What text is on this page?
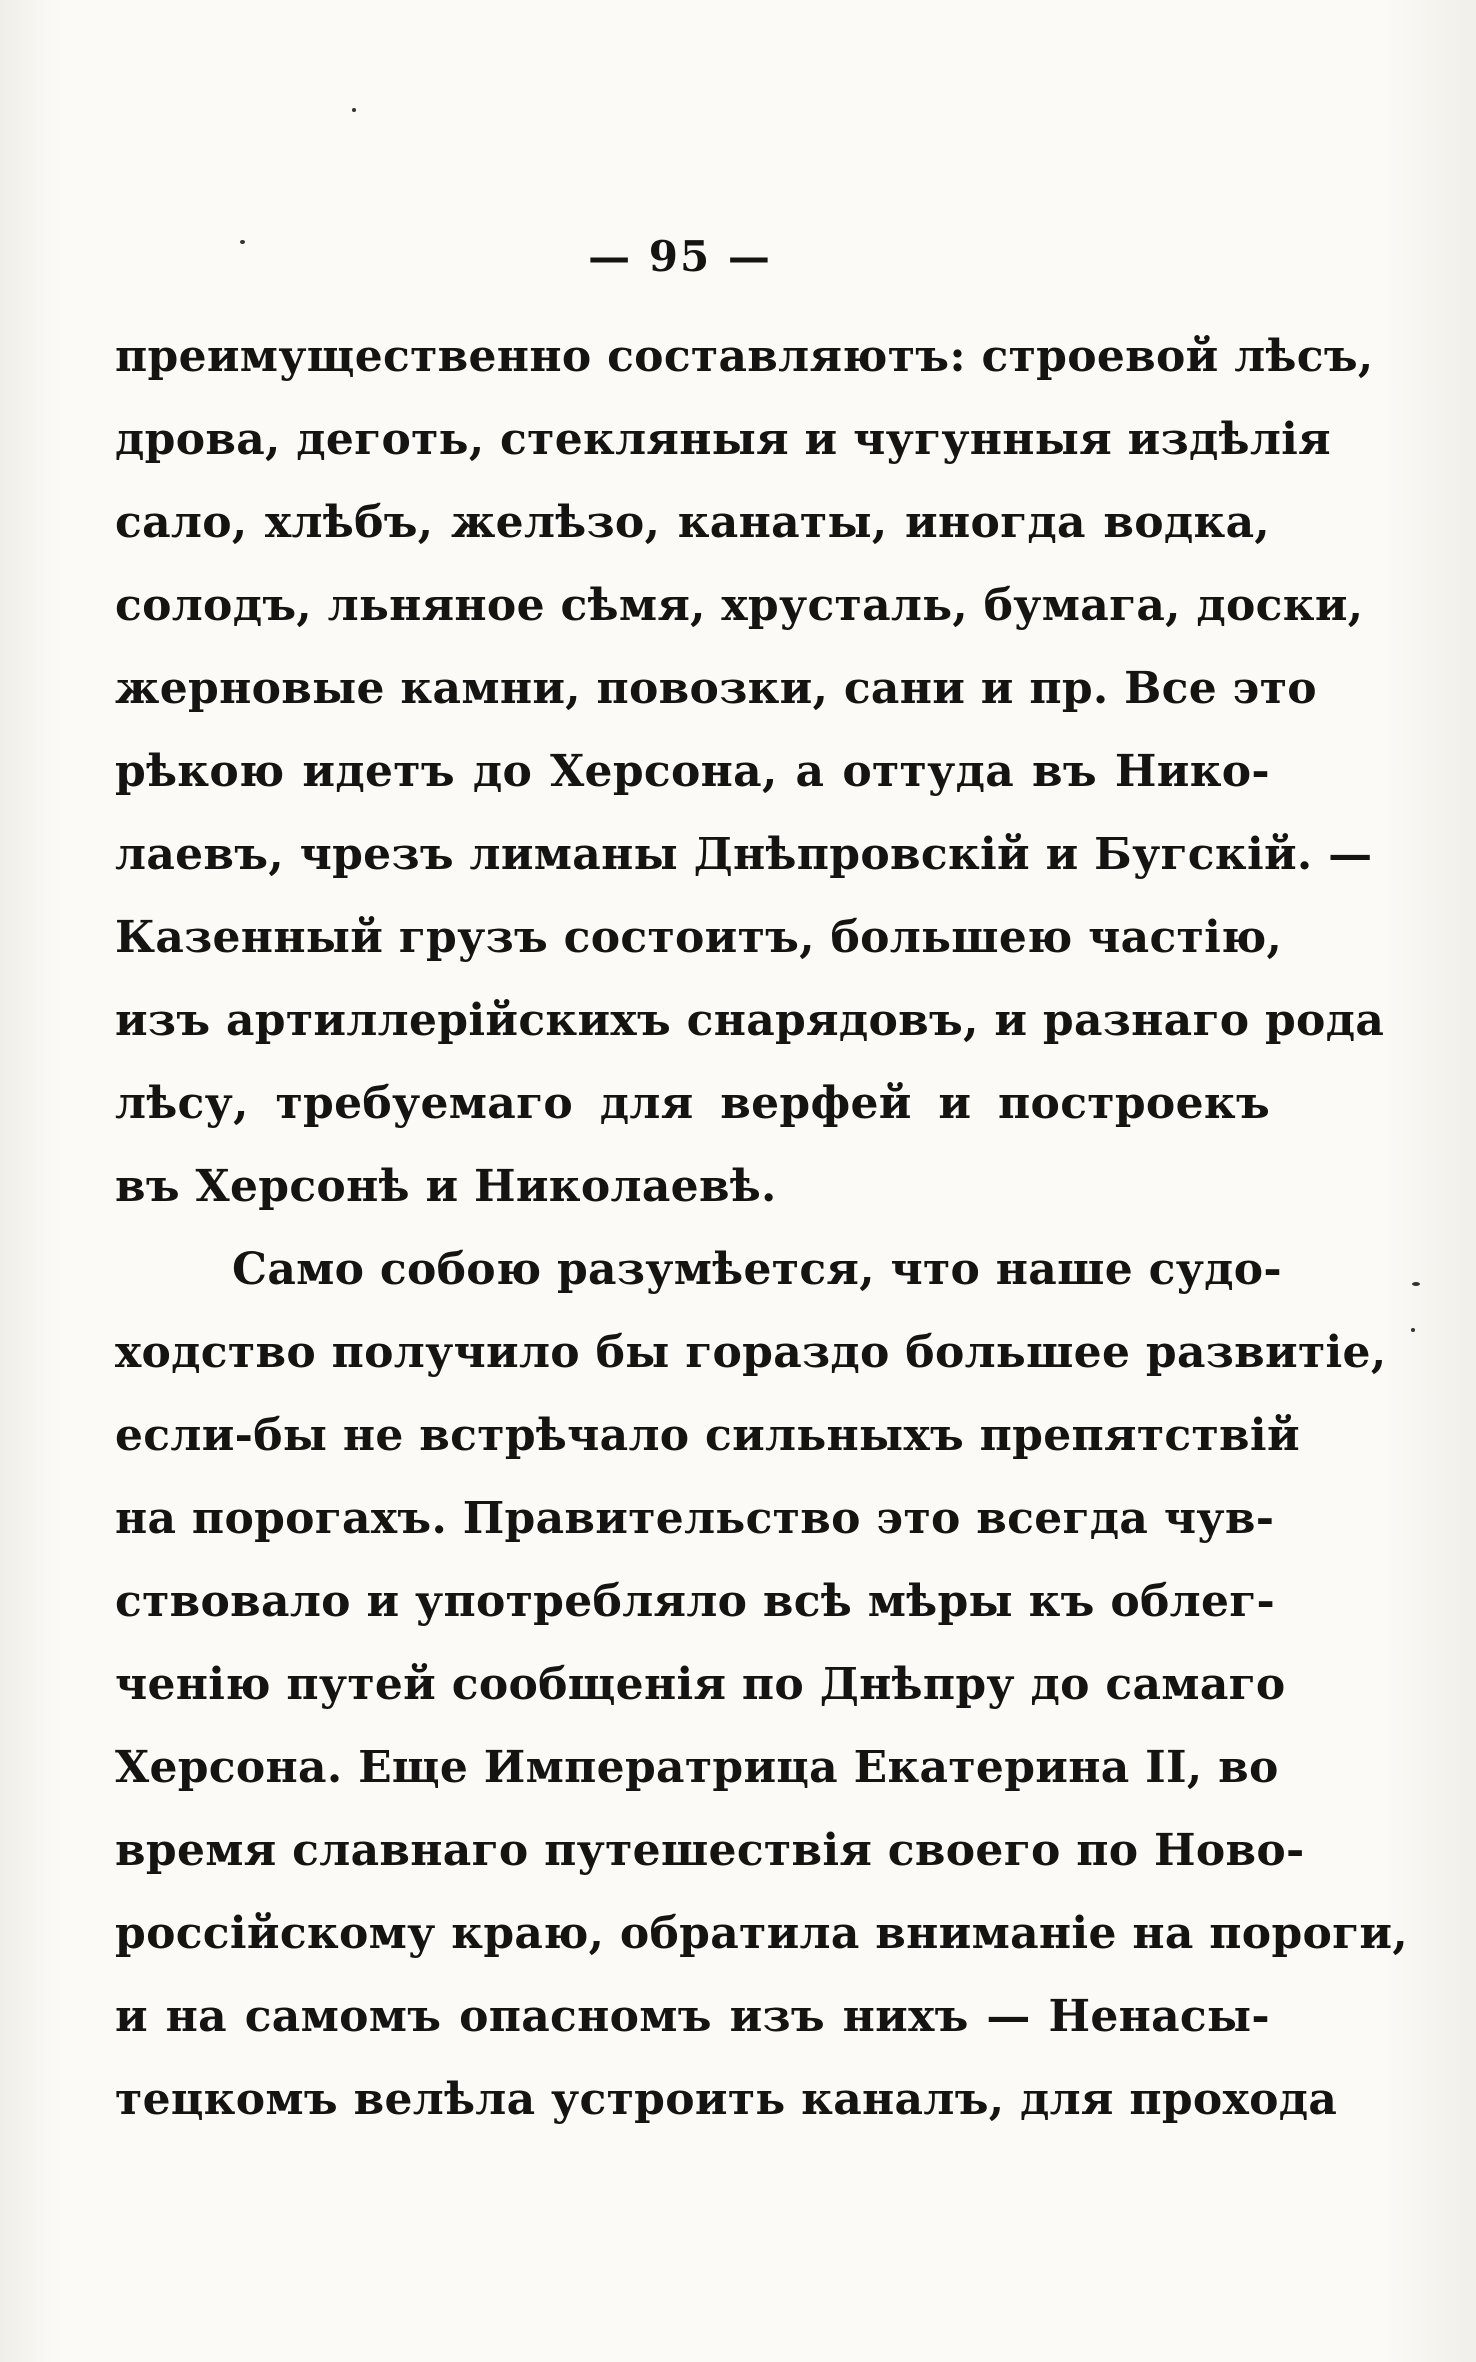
— 95 —
преимущественно составляютъ: строевой лѣсъ,
дрова, деготь, стекляныя и чугунныя издѣлія
сало, хлѣбъ, желѣзо, канаты, иногда водка,
солодъ, льняное сѣмя, хрусталь, бумага, доски,
жерновые камни, повозки, сани и пр. Все это
рѣкою идетъ до Херсона, а оттуда въ Нико-
лаевъ, чрезъ лиманы Днѣпровскій и Бугскій. —
Казенный грузъ состоитъ, большею частію,
изъ артиллерійскихъ снарядовъ, и разнаго рода
лѣсу, требуемаго для верфей и построекъ
въ Херсонѣ и Николаевѣ.
Само собою разумѣется, что наше судо-
ходство получило бы гораздо большее развитіе,
если-бы не встрѣчало сильныхъ препятствій
на порогахъ. Правительство это всегда чув-
ствовало и употребляло всѣ мѣры къ облег-
ченію путей сообщенія по Днѣпру до самаго
Херсона. Еще Императрица Екатерина II, во
время славнаго путешествія своего по Ново-
россійскому краю, обратила вниманіе на пороги,
и на самомъ опасномъ изъ нихъ — Ненасы-
тецкомъ велѣла устроить каналъ, для прохода
